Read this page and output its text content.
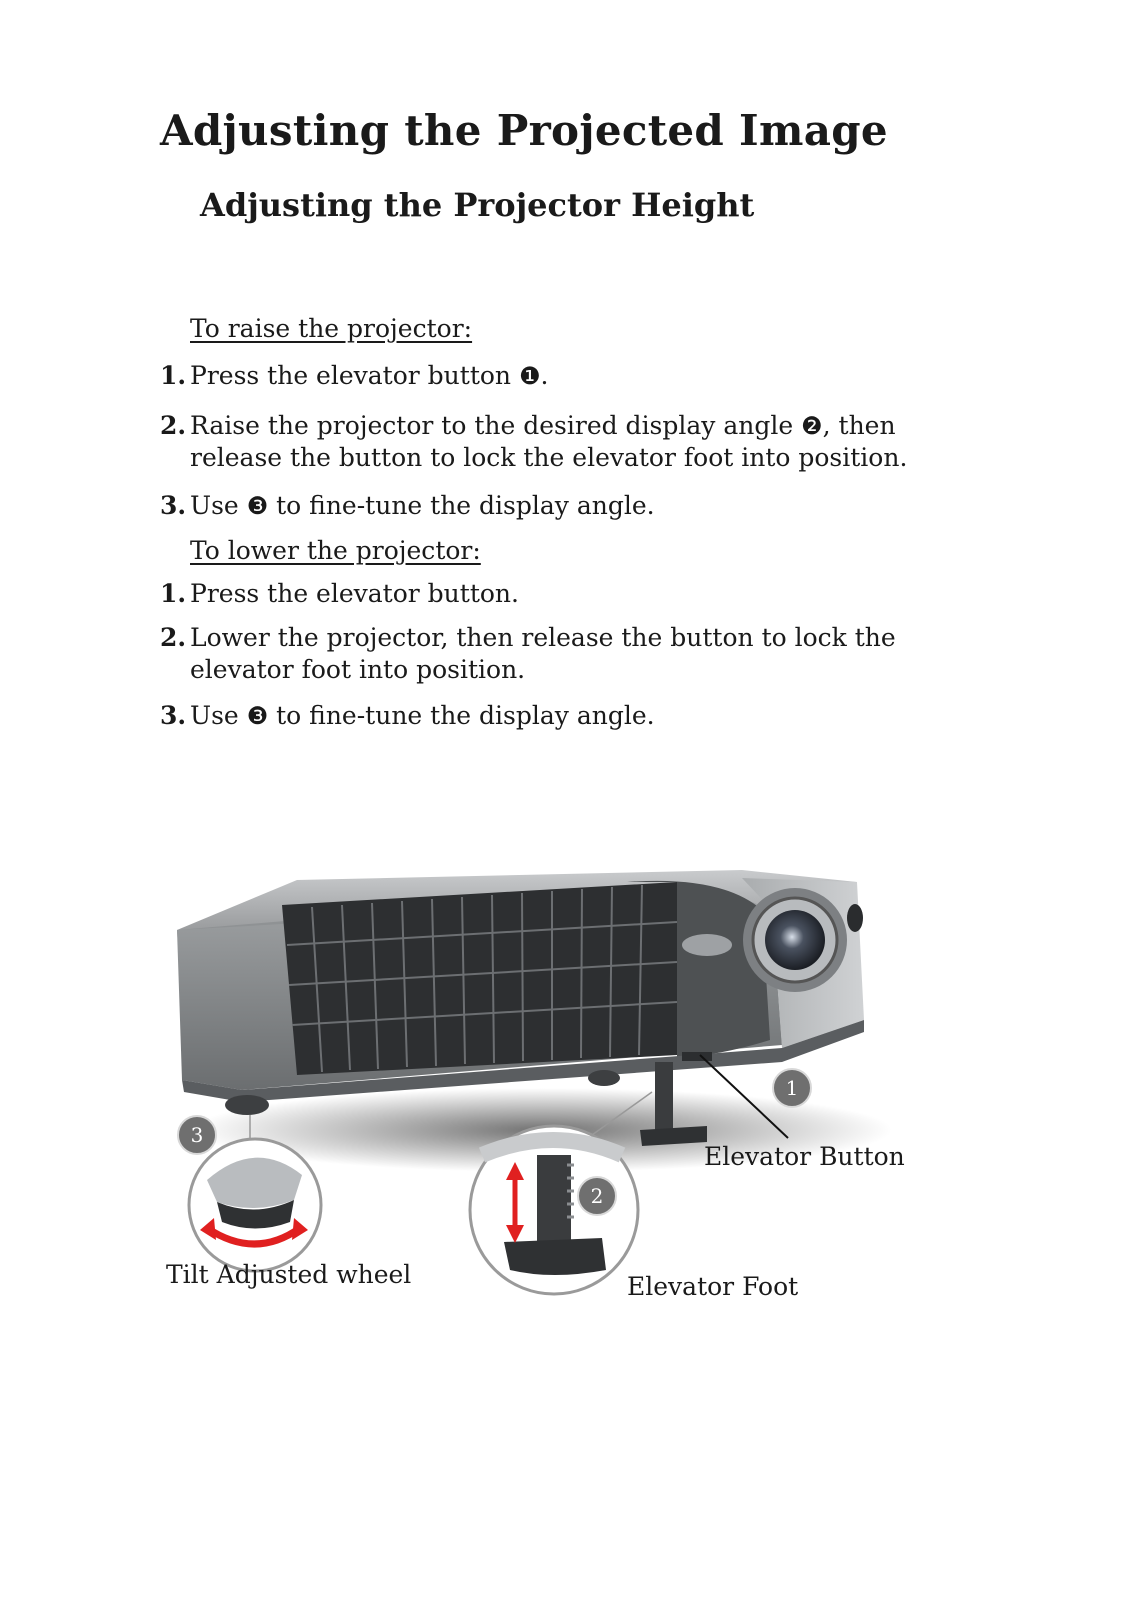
Adjusting the Projected Image
Adjusting the Projector Height
To raise the projector:
1. Press the elevator button ❶.
2. Raise the projector to the desired display angle ❷, then
release the button to lock the elevator foot into position.
3. Use ❸ to fine-tune the display angle.
To lower the projector:
1. Press the elevator button.
2. Lower the projector, then release the button to lock the
elevator foot into position.
3. Use ❸ to fine-tune the display angle.
1
2
3
Elevator Button
Elevator Foot
Tilt Adjusted wheel
